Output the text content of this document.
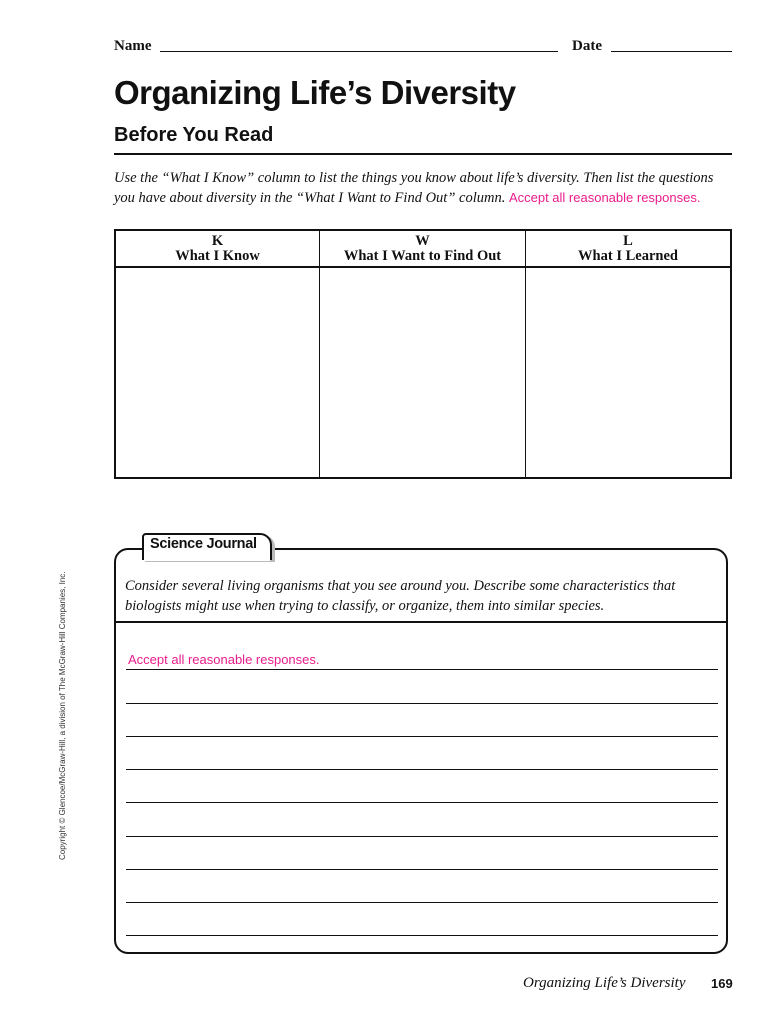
Name	Date
Organizing Life’s Diversity
Before You Read
Use the “What I Know” column to list the things you know about life’s diversity. Then list the questions you have about diversity in the “What I Want to Find Out” column. Accept all reasonable responses.
K
What I Know
W
What I Want to Find Out
L
What I Learned
Science Journal
Consider several living organisms that you see around you. Describe some characteristics that biologists might use when trying to classify, or organize, them into similar species.
Accept all reasonable responses.
Copyright © Glencoe/McGraw-Hill, a division of The McGraw-Hill Companies, Inc.
Organizing Life’s Diversity 169
